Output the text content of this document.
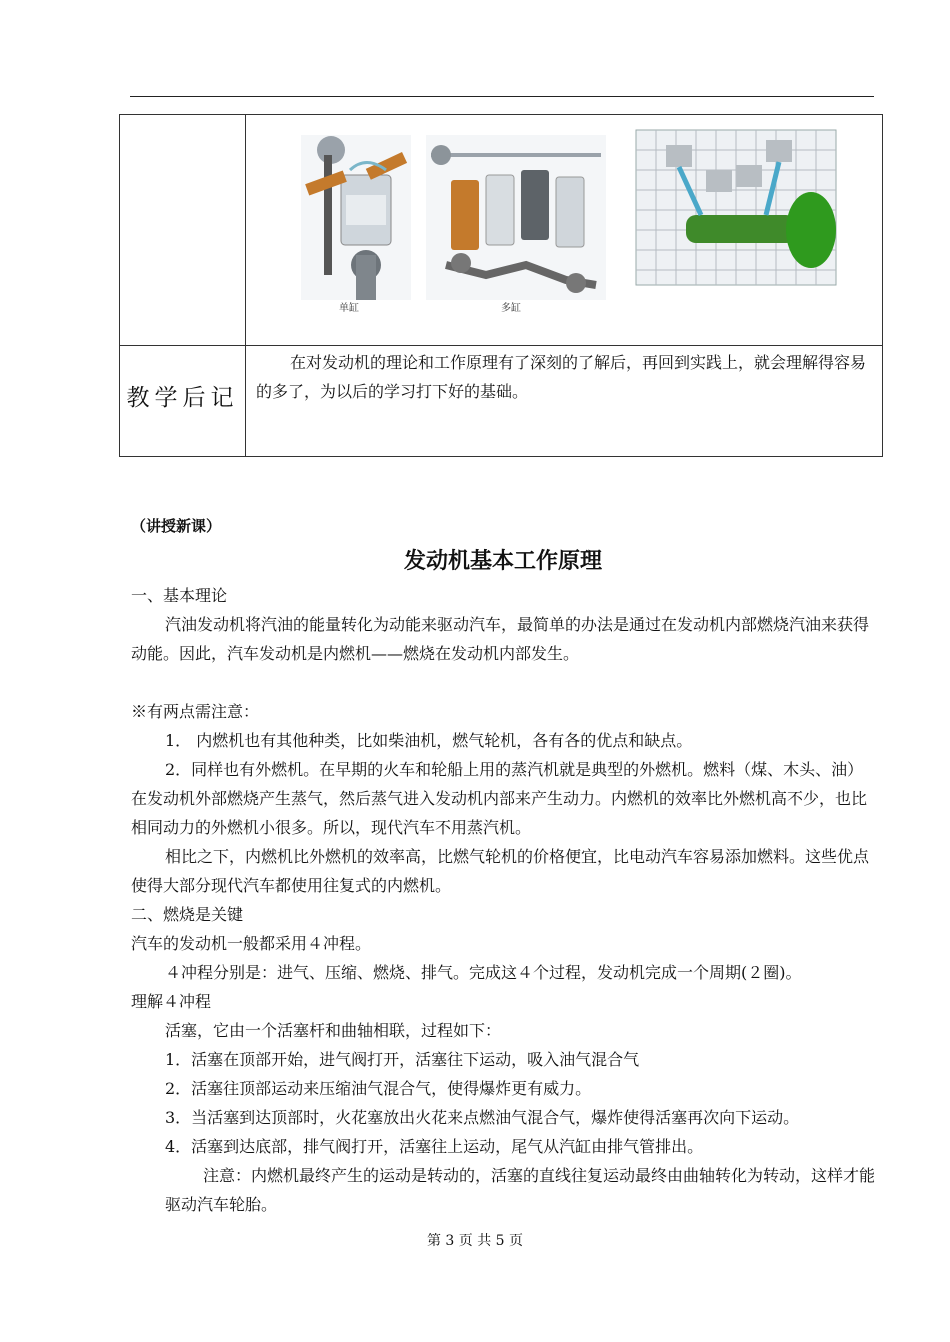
单缸 多缸

教学后记	在对发动机的理论和工作原理有了深刻的了解后，再回到实践上，就会理解得容易的多了，为以后的学习打下好的基础。

（讲授新课）

发动机基本工作原理

一、基本理论

汽油发动机将汽油的能量转化为动能来驱动汽车，最简单的办法是通过在发动机内部燃烧汽油来获得动能。因此，汽车发动机是内燃机——燃烧在发动机内部发生。

※有两点需注意：

1． 内燃机也有其他种类，比如柴油机，燃气轮机，各有各的优点和缺点。

2．同样也有外燃机。在早期的火车和轮船上用的蒸汽机就是典型的外燃机。燃料（煤、木头、油）在发动机外部燃烧产生蒸气，然后蒸气进入发动机内部来产生动力。内燃机的效率比外燃机高不少，也比相同动力的外燃机小很多。所以，现代汽车不用蒸汽机。

相比之下，内燃机比外燃机的效率高，比燃气轮机的价格便宜，比电动汽车容易添加燃料。这些优点使得大部分现代汽车都使用往复式的内燃机。

二、燃烧是关键

汽车的发动机一般都采用４冲程。

４冲程分别是：进气、压缩、燃烧、排气。完成这４个过程，发动机完成一个周期(２圈)。

理解４冲程

活塞，它由一个活塞杆和曲轴相联，过程如下：

1．活塞在顶部开始，进气阀打开，活塞往下运动，吸入油气混合气

2．活塞往顶部运动来压缩油气混合气，使得爆炸更有威力。

3．当活塞到达顶部时，火花塞放出火花来点燃油气混合气，爆炸使得活塞再次向下运动。

4．活塞到达底部，排气阀打开，活塞往上运动，尾气从汽缸由排气管排出。

注意：内燃机最终产生的运动是转动的，活塞的直线往复运动最终由曲轴转化为转动，这样才能驱动汽车轮胎。

第 3 页 共 5 页
